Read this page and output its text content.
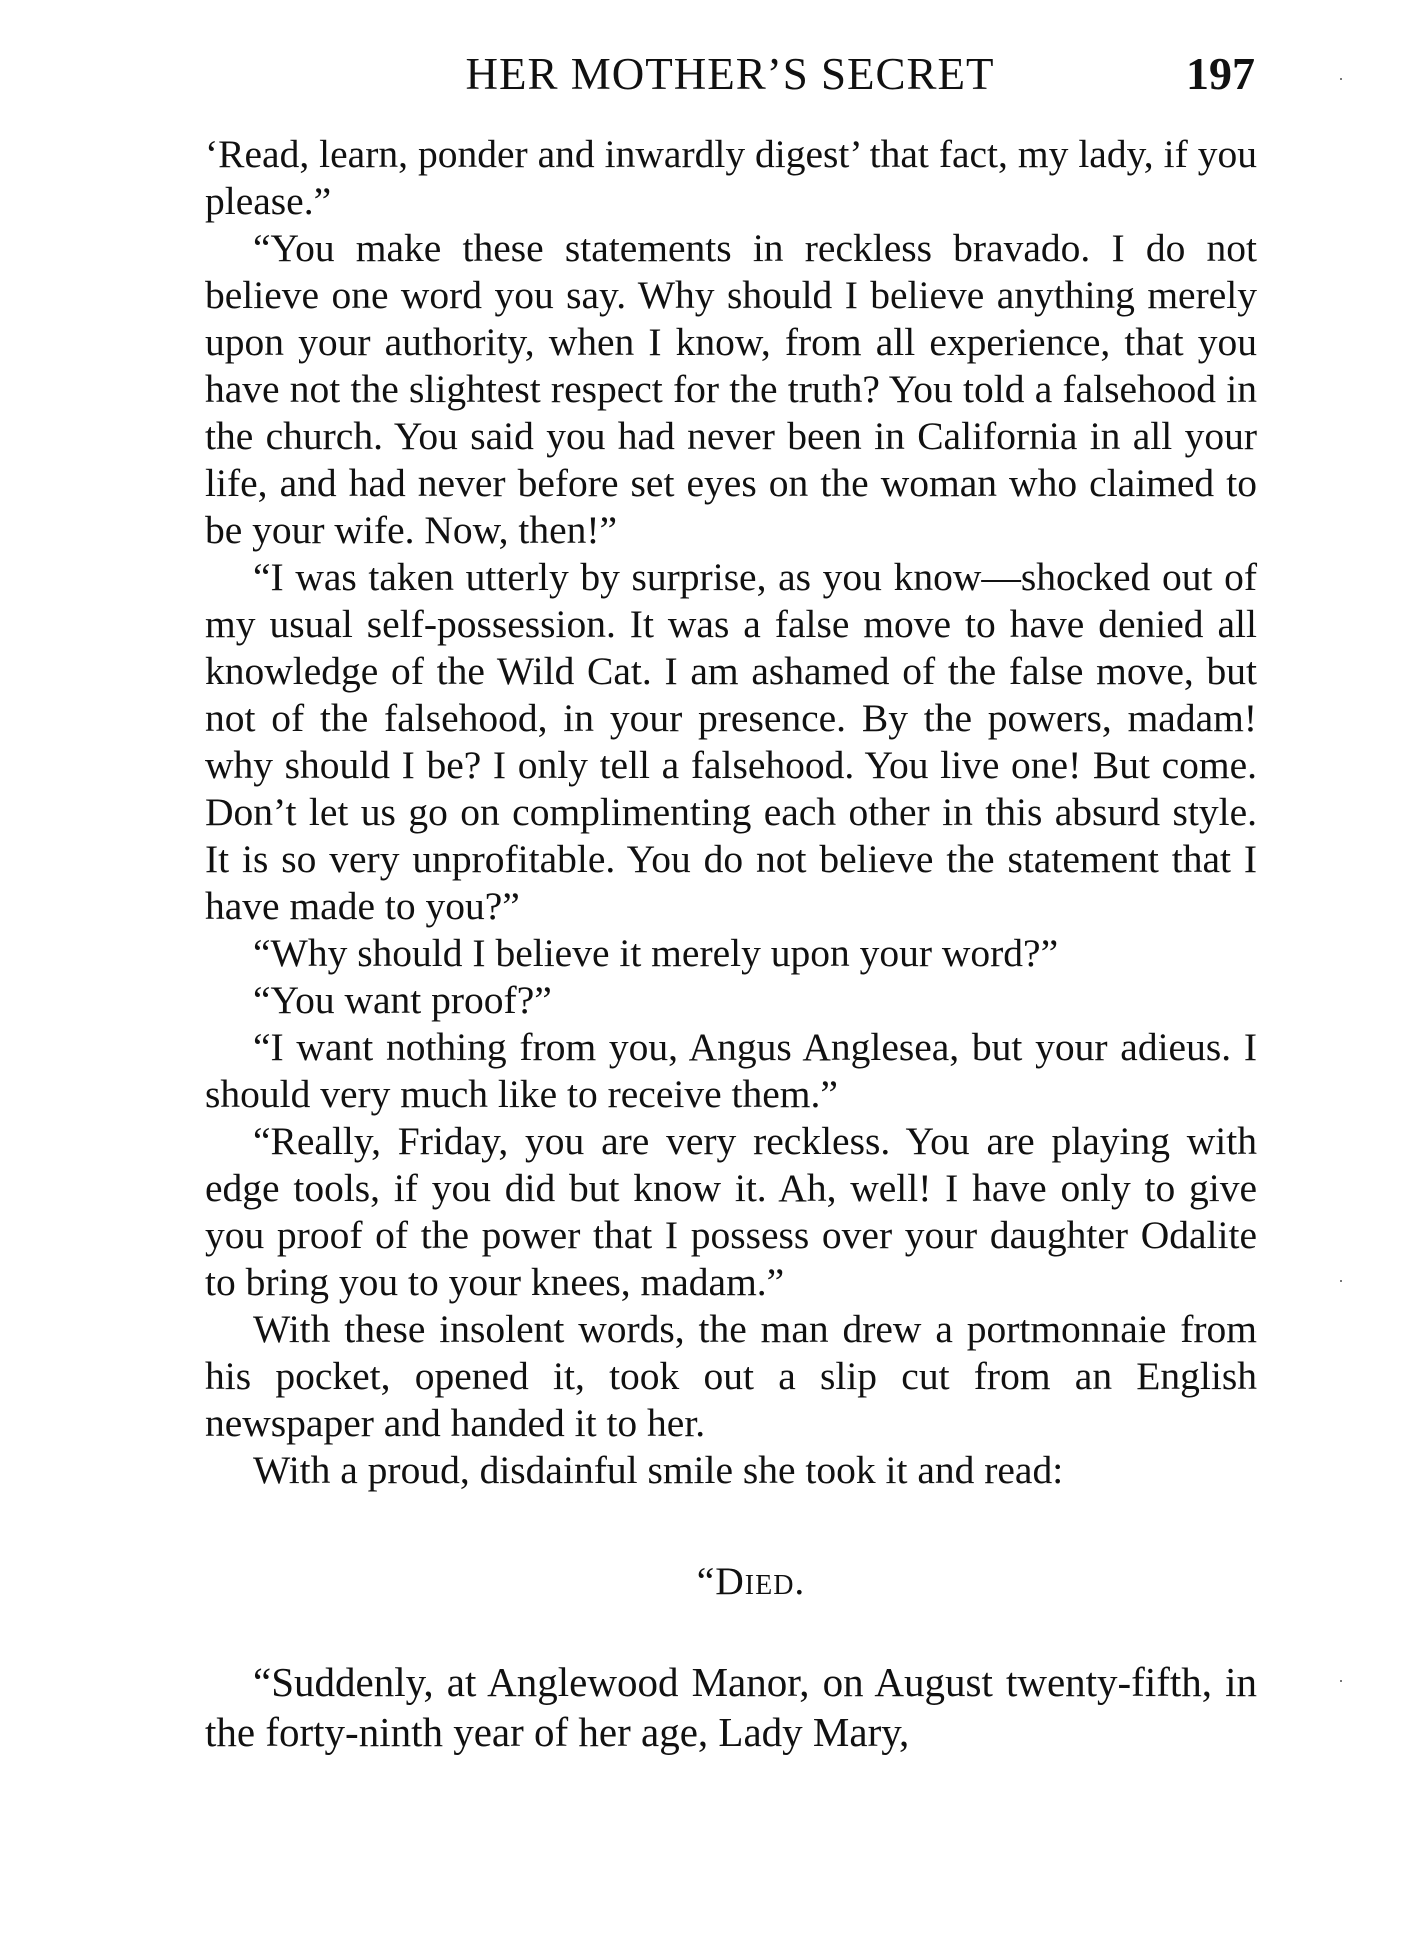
HER MOTHER’S SECRET	197

‘Read, learn, ponder and inwardly digest’ that fact, my lady, if you please.”

“You make these statements in reckless bravado. I do not believe one word you say. Why should I believe anything merely upon your authority, when I know, from all experience, that you have not the slightest respect for the truth? You told a falsehood in the church. You said you had never been in California in all your life, and had never before set eyes on the woman who claimed to be your wife. Now, then!”

“I was taken utterly by surprise, as you know—shocked out of my usual self-possession. It was a false move to have denied all knowledge of the Wild Cat. I am ashamed of the false move, but not of the falsehood, in your presence. By the powers, madam! why should I be? I only tell a falsehood. You live one! But come. Don’t let us go on complimenting each other in this absurd style. It is so very unprofitable. You do not believe the statement that I have made to you?”

“Why should I believe it merely upon your word?”

“You want proof?”

“I want nothing from you, Angus Anglesea, but your adieus. I should very much like to receive them.”

“Really, Friday, you are very reckless. You are playing with edge tools, if you did but know it. Ah, well! I have only to give you proof of the power that I possess over your daughter Odalite to bring you to your knees, madam.”

With these insolent words, the man drew a portmonnaie from his pocket, opened it, took out a slip cut from an English newspaper and handed it to her.

With a proud, disdainful smile she took it and read:

“Died.

“Suddenly, at Anglewood Manor, on August twenty-fifth, in the forty-ninth year of her age, Lady Mary,
